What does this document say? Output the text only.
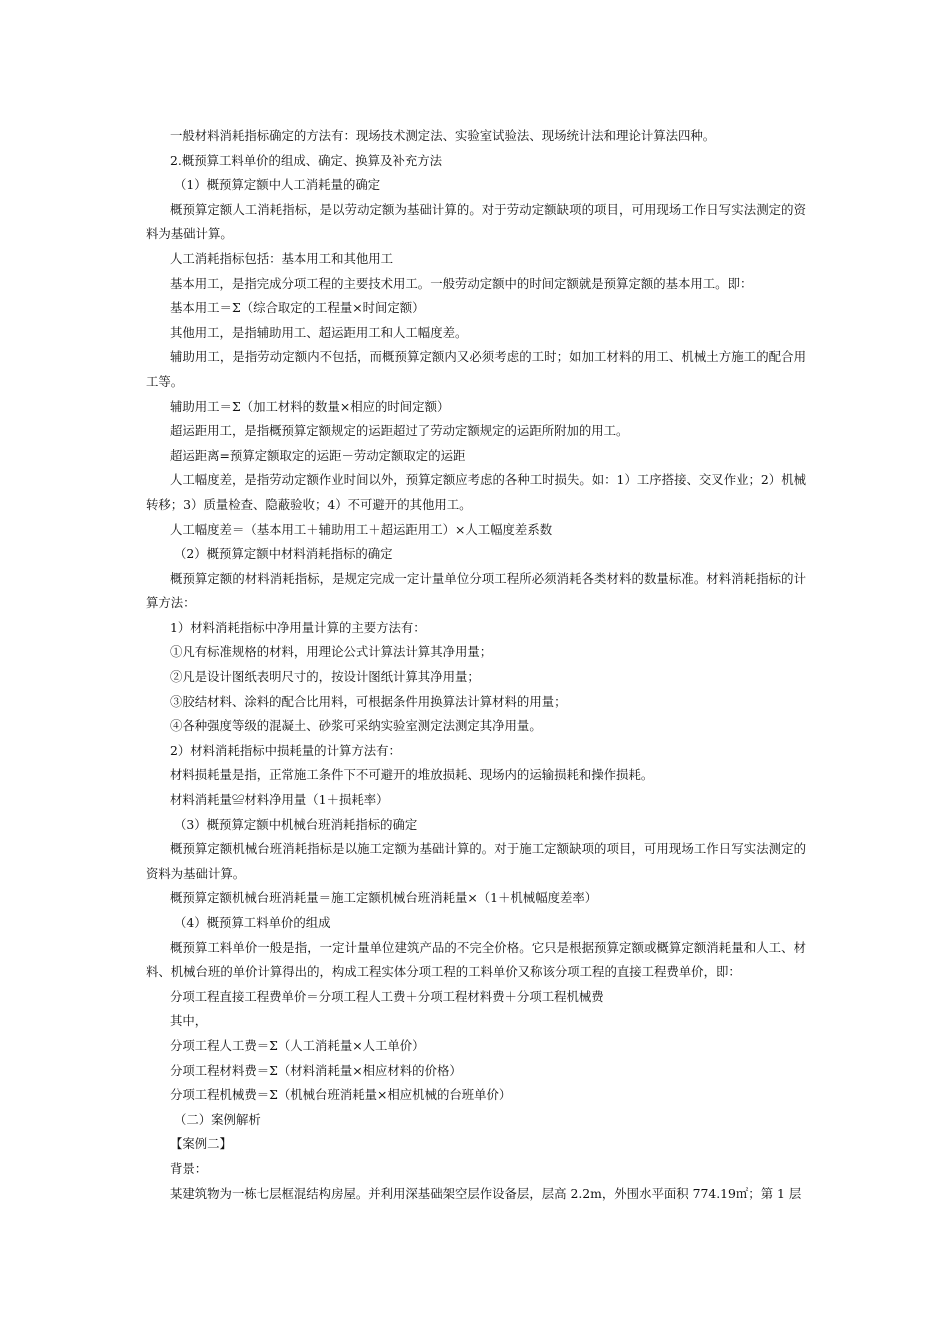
一般材料消耗指标确定的方法有：现场技术测定法、实验室试验法、现场统计法和理论计算法四种。

2.概预算工料单价的组成、确定、换算及补充方法

（1）概预算定额中人工消耗量的确定

概预算定额人工消耗指标，是以劳动定额为基础计算的。对于劳动定额缺项的项目，可用现场工作日写实法测定的资料为基础计算。

人工消耗指标包括：基本用工和其他用工

基本用工，是指完成分项工程的主要技术用工。一般劳动定额中的时间定额就是预算定额的基本用工。即：

基本用工＝Σ（综合取定的工程量×时间定额）

其他用工，是指辅助用工、超运距用工和人工幅度差。

辅助用工，是指劳动定额内不包括，而概预算定额内又必须考虑的工时；如加工材料的用工、机械土方施工的配合用工等。

辅助用工＝Σ（加工材料的数量×相应的时间定额）

超运距用工，是指概预算定额规定的运距超过了劳动定额规定的运距所附加的用工。

超运距离=预算定额取定的运距－劳动定额取定的运距

人工幅度差，是指劳动定额作业时间以外，预算定额应考虑的各种工时损失。如：1）工序搭接、交叉作业；2）机械转移；3）质量检查、隐蔽验收；4）不可避开的其他用工。

人工幅度差＝（基本用工＋辅助用工＋超运距用工）×人工幅度差系数

（2）概预算定额中材料消耗指标的确定

概预算定额的材料消耗指标，是规定完成一定计量单位分项工程所必须消耗各类材料的数量标准。材料消耗指标的计算方法：

1）材料消耗指标中净用量计算的主要方法有：

①凡有标准规格的材料，用理论公式计算法计算其净用量；

②凡是设计图纸表明尺寸的，按设计图纸计算其净用量；

③胶结材料、涂料的配合比用料，可根据条件用换算法计算材料的用量；

④各种强度等级的混凝土、砂浆可采纳实验室测定法测定其净用量。

2）材料消耗指标中损耗量的计算方法有：

材料损耗量是指，正常施工条件下不可避开的堆放损耗、现场内的运输损耗和操作损耗。

材料消耗量≌材料净用量（1＋损耗率）

（3）概预算定额中机械台班消耗指标的确定

概预算定额机械台班消耗指标是以施工定额为基础计算的。对于施工定额缺项的项目，可用现场工作日写实法测定的资料为基础计算。

概预算定额机械台班消耗量＝施工定额机械台班消耗量×（1＋机械幅度差率）

（4）概预算工料单价的组成

概预算工料单价一般是指，一定计量单位建筑产品的不完全价格。它只是根据预算定额或概算定额消耗量和人工、材料、机械台班的单价计算得出的，构成工程实体分项工程的工料单价又称该分项工程的直接工程费单价，即：

分项工程直接工程费单价＝分项工程人工费＋分项工程材料费＋分项工程机械费

其中，

分项工程人工费＝Σ（人工消耗量×人工单价）

分项工程材料费＝Σ（材料消耗量×相应材料的价格）

分项工程机械费＝Σ（机械台班消耗量×相应机械的台班单价）

（二）案例解析

【案例二】

背景：

某建筑物为一栋七层框混结构房屋。并利用深基础架空层作设备层，层高 2.2m，外围水平面积 774.19㎡；第 1 层
